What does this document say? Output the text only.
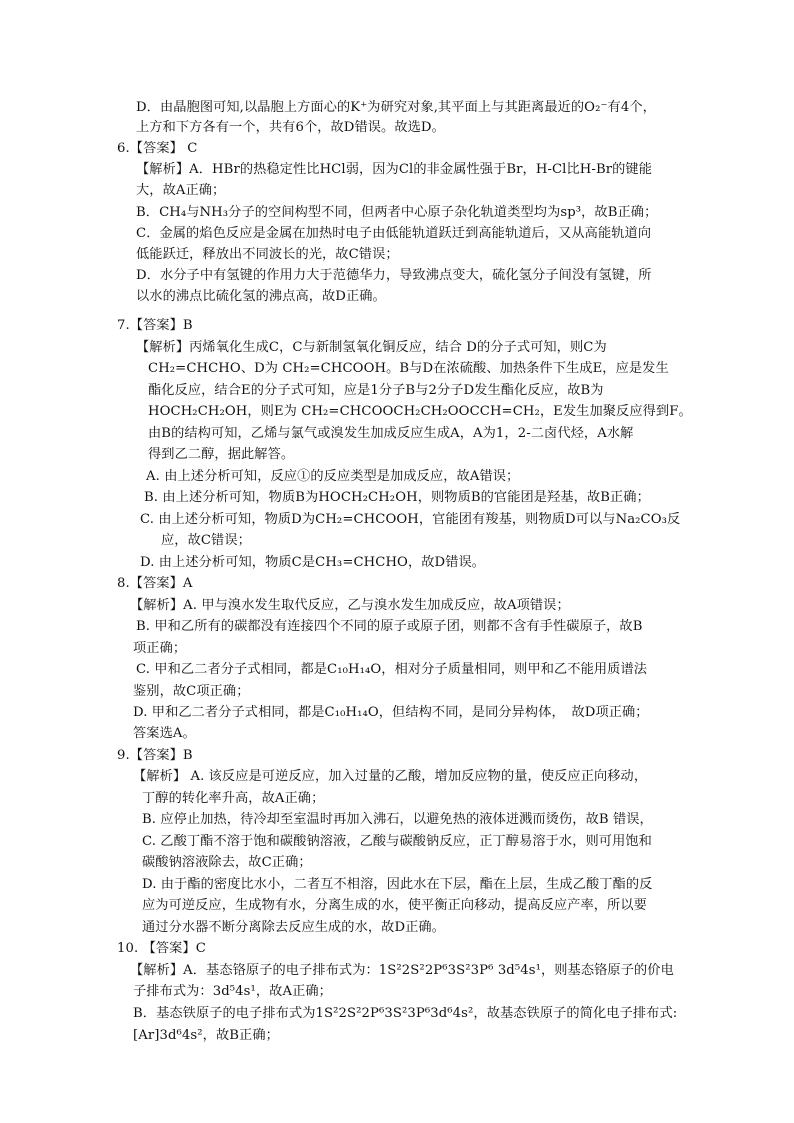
D．由晶胞图可知,以晶胞上方面心的K⁺为研究对象,其平面上与其距离最近的O₂⁻有4个，
上方和下方各有一个，共有6个，故D错误。故选D。
6.【答案】 C
【解析】A．HBr的热稳定性比HCl弱，因为Cl的非金属性强于Br，H-Cl比H-Br的键能
大，故A正确；
B．CH₄与NH₃分子的空间构型不同，但两者中心原子杂化轨道类型均为sp³，故B正确；
C．金属的焰色反应是金属在加热时电子由低能轨道跃迁到高能轨道后，又从高能轨道向
低能跃迁，释放出不同波长的光，故C错误；
D．水分子中有氢键的作用力大于范德华力，导致沸点变大，硫化氢分子间没有氢键，所
以水的沸点比硫化氢的沸点高，故D正确。
7.【答案】B
【解析】丙烯氧化生成C，C与新制氢氧化铜反应，结合 D的分子式可知，则C为
CH₂=CHCHO、D为 CH₂=CHCOOH。B与D在浓硫酸、加热条件下生成E，应是发生
酯化反应，结合E的分子式可知，应是1分子B与2分子D发生酯化反应，故B为
HOCH₂CH₂OH，则E为 CH₂=CHCOOCH₂CH₂OOCCH=CH₂，E发生加聚反应得到F。
由B的结构可知，乙烯与氯气或溴发生加成反应生成A，A为1，2-二卤代烃，A水解
得到乙二醇，据此解答。
A. 由上述分析可知，反应①的反应类型是加成反应，故A错误；
B. 由上述分析可知，物质B为HOCH₂CH₂OH，则物质B的官能团是羟基，故B正确；
C. 由上述分析可知，物质D为CH₂=CHCOOH，官能团有羧基，则物质D可以与Na₂CO₃反
应，故C错误；
D. 由上述分析可知，物质C是CH₃=CHCHO，故D错误。
8.【答案】A
【解析】A. 甲与溴水发生取代反应，乙与溴水发生加成反应，故A项错误；
B. 甲和乙所有的碳都没有连接四个不同的原子或原子团，则都不含有手性碳原子，故B
项正确；
C. 甲和乙二者分子式相同，都是C₁₀H₁₄O，相对分子质量相同，则甲和乙不能用质谱法
鉴别，故C项正确；
D. 甲和乙二者分子式相同，都是C₁₀H₁₄O，但结构不同，是同分异构体，　故D项正确；
答案选A。
9.【答案】B
【解析】 A. 该反应是可逆反应，加入过量的乙酸，增加反应物的量，使反应正向移动，
丁醇的转化率升高，故A正确；
B. 应停止加热，待冷却至室温时再加入沸石，以避免热的液体迸溅而烫伤，故B 错误，
C. 乙酸丁酯不溶于饱和碳酸钠溶液，乙酸与碳酸钠反应，正丁醇易溶于水，则可用饱和
碳酸钠溶液除去，故C正确；
D. 由于酯的密度比水小，二者互不相溶，因此水在下层，酯在上层，生成乙酸丁酯的反
应为可逆反应，生成物有水，分离生成的水，使平衡正向移动，提高反应产率，所以要
通过分水器不断分离除去反应生成的水，故D正确。
10. 【答案】C
【解析】A．基态铬原子的电子排布式为：1S²2S²2P⁶3S²3P⁶ 3d⁵4s¹，则基态铬原子的价电
子排布式为：3d⁵4s¹，故A正确；
B．基态铁原子的电子排布式为1S²2S²2P⁶3S²3P⁶3d⁶4s²，故基态铁原子的简化电子排布式:
[Ar]3d⁶4s²，故B正确；
